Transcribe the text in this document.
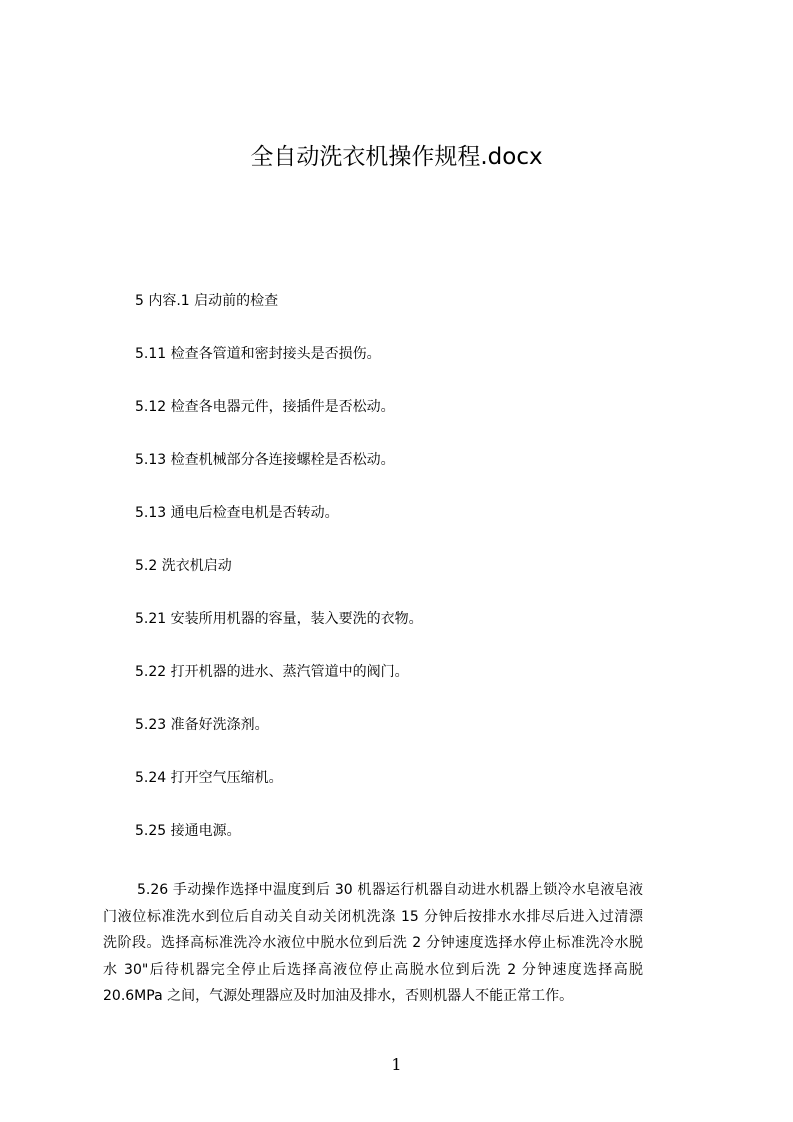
全自动洗衣机操作规程.docx
5 内容.1 启动前的检查
5.11 检查各管道和密封接头是否损伤。
5.12 检查各电器元件，接插件是否松动。
5.13 检查机械部分各连接螺栓是否松动。
5.13 通电后检查电机是否转动。
5.2 洗衣机启动
5.21 安装所用机器的容量，装入要洗的衣物。
5.22 打开机器的进水、蒸汽管道中的阀门。
5.23 准备好洗涤剂。
5.24 打开空气压缩机。
5.25 接通电源。
5.26 手动操作选择中温度到后 30 机器运行机器自动进水机器上锁冷水皂液皂液
门液位标准洗水到位后自动关自动关闭机洗涤 15 分钟后按排水水排尽后进入过清漂
洗阶段。选择高标准洗冷水液位中脱水位到后洗 2 分钟速度选择水停止标准洗冷水脱
水 30"后待机器完全停止后选择高液位停止高脱水位到后洗 2 分钟速度选择高脱
20.6MPa 之间，气源处理器应及时加油及排水，否则机器人不能正常工作。
1
